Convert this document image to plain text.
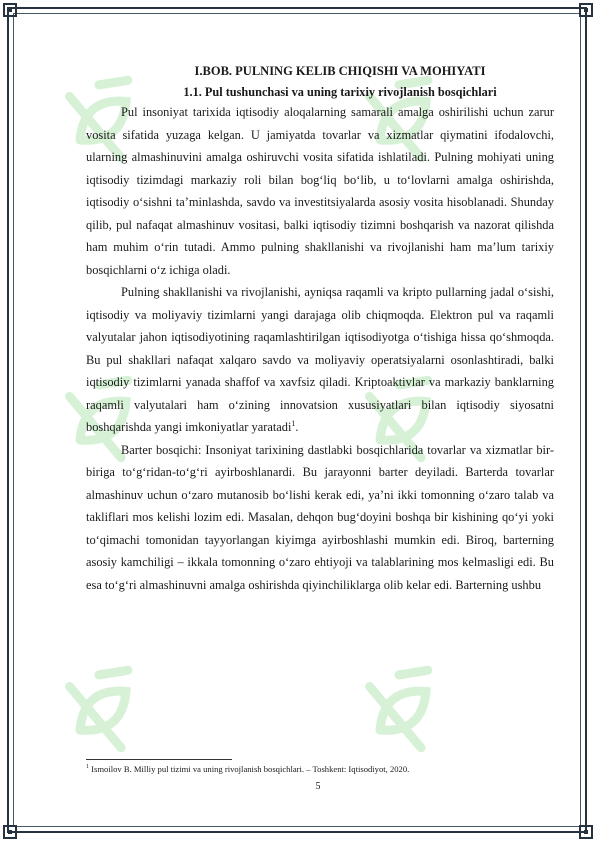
I.BOB. PULNING KELIB CHIQISHI VA MOHIYATI
1.1. Pul tushunchasi va uning tarixiy rivojlanish bosqichlari

Pul insoniyat tarixida iqtisodiy aloqalarning samarali amalga oshirilishi uchun zarur vosita sifatida yuzaga kelgan. U jamiyatda tovarlar va xizmatlar qiymatini ifodalovchi, ularning almashinuvini amalga oshiruvchi vosita sifatida ishlatiladi. Pulning mohiyati uning iqtisodiy tizimdagi markaziy roli bilan bog‘liq bo‘lib, u to‘lovlarni amalga oshirishda, iqtisodiy o‘sishni ta’minlashda, savdo va investitsiyalarda asosiy vosita hisoblanadi. Shunday qilib, pul nafaqat almashinuv vositasi, balki iqtisodiy tizimni boshqarish va nazorat qilishda ham muhim o‘rin tutadi. Ammo pulning shakllanishi va rivojlanishi ham ma’lum tarixiy bosqichlarni o‘z ichiga oladi.

Pulning shakllanishi va rivojlanishi, ayniqsa raqamli va kripto pullarning jadal o‘sishi, iqtisodiy va moliyaviy tizimlarni yangi darajaga olib chiqmoqda. Elektron pul va raqamli valyutalar jahon iqtisodiyotining raqamlashtirilgan iqtisodiyotga o‘tishiga hissa qo‘shmoqda. Bu pul shakllari nafaqat xalqaro savdo va moliyaviy operatsiyalarni osonlashtiradi, balki iqtisodiy tizimlarni yanada shaffof va xavfsiz qiladi. Kriptoaktivlar va markaziy banklarning raqamli valyutalari ham o‘zining innovatsion xususiyatlari bilan iqtisodiy siyosatni boshqarishda yangi imkoniyatlar yaratadi$^1$.

Barter bosqichi: Insoniyat tarixining dastlabki bosqichlarida tovarlar va xizmatlar bir-biriga to‘g‘ridan-to‘g‘ri ayirboshlanardi. Bu jarayonni barter deyiladi. Barterda tovarlar almashinuv uchun o‘zaro mutanosib bo‘lishi kerak edi, ya’ni ikki tomonning o‘zaro talab va takliflari mos kelishi lozim edi. Masalan, dehqon bug‘doyini boshqa bir kishining qo‘yi yoki to‘qimachi tomonidan tayyorlangan kiyimga ayirboshlashi mumkin edi. Biroq, barterning asosiy kamchiligi – ikkala tomonning o‘zaro ehtiyoji va talablarining mos kelmasligi edi. Bu esa to‘g‘ri almashinuvni amalga oshirishda qiyinchiliklarga olib kelar edi. Barterning ushbu

$^1$ Ismoilov B. Milliy pul tizimi va uning rivojlanish bosqichlari. – Toshkent: Iqtisodiyot, 2020.
5
